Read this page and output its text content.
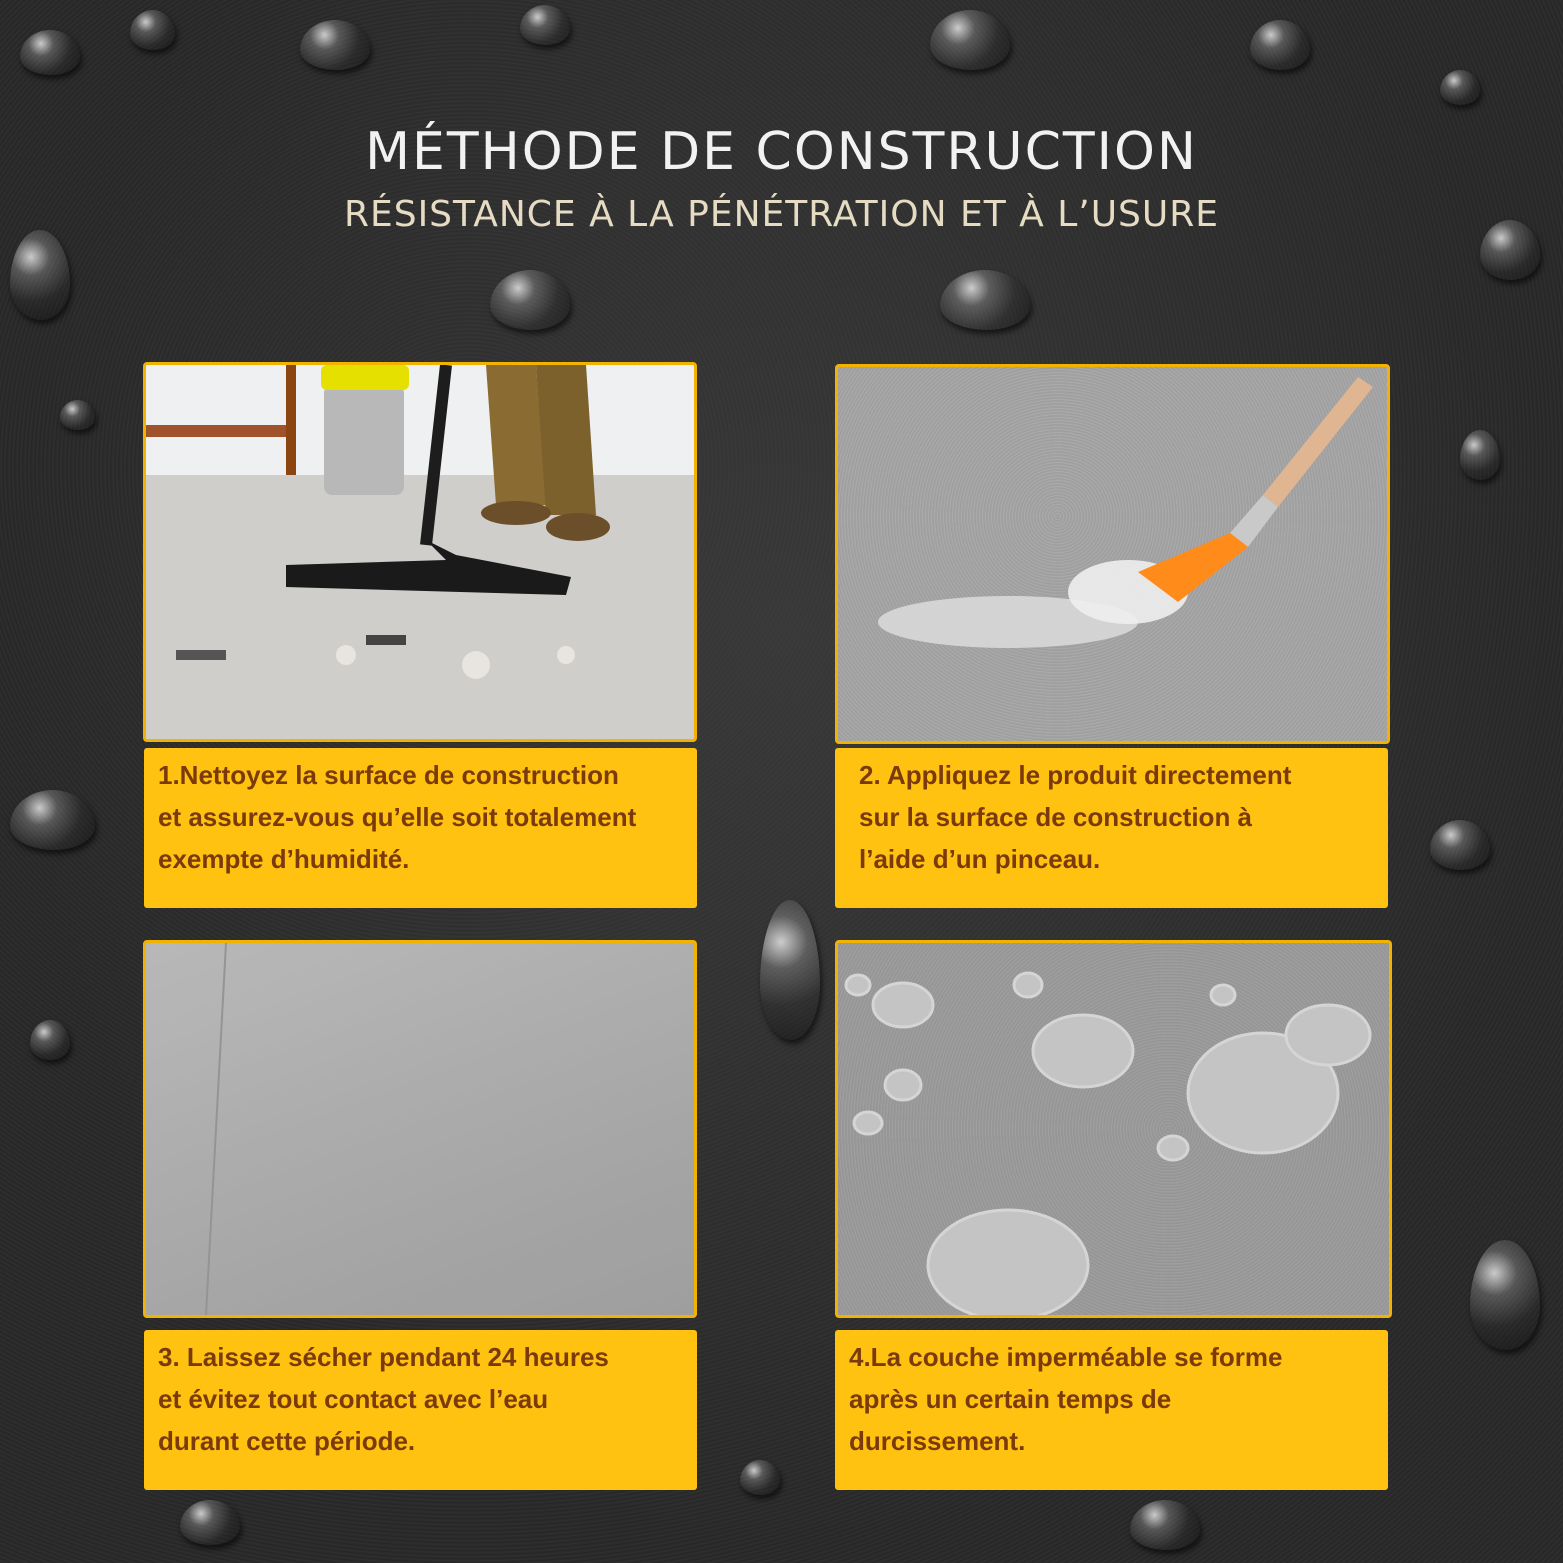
MÉTHODE DE CONSTRUCTION
RÉSISTANCE À LA PÉNÉTRATION ET À L’USURE
1.Nettoyez la surface de construction
et assurez-vous qu’elle soit totalement
exempte d’humidité.
2. Appliquez le produit directement
sur la surface de construction à
l’aide d’un pinceau.
3. Laissez sécher pendant 24 heures
et évitez tout contact avec l’eau
durant cette période.
4.La couche imperméable se forme
après un certain temps de
durcissement.
